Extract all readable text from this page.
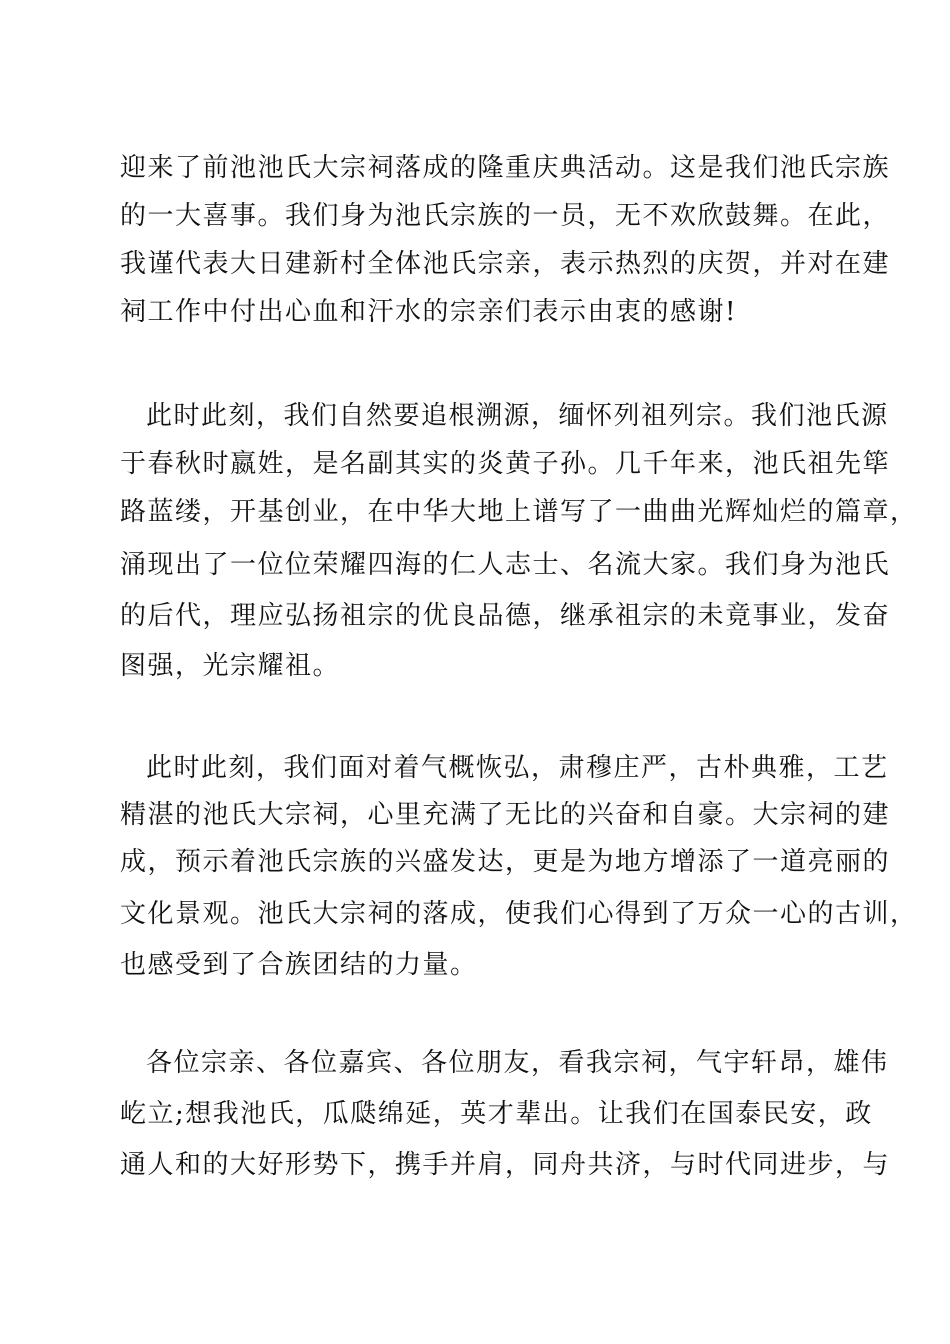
迎来了前池池氏大宗祠落成的隆重庆典活动。这是我们池氏宗族
的一大喜事。我们身为池氏宗族的一员，无不欢欣鼓舞。在此，
我谨代表大日建新村全体池氏宗亲，表示热烈的庆贺，并对在建
祠工作中付出心血和汗水的宗亲们表示由衷的感谢!
此时此刻，我们自然要追根溯源，缅怀列祖列宗。我们池氏源
于春秋时嬴姓，是名副其实的炎黄子孙。几千年来，池氏祖先筚
路蓝缕，开基创业，在中华大地上谱写了一曲曲光辉灿烂的篇章，
涌现出了一位位荣耀四海的仁人志士、名流大家。我们身为池氏
的后代，理应弘扬祖宗的优良品德，继承祖宗的未竟事业，发奋
图强，光宗耀祖。
此时此刻，我们面对着气概恢弘，肃穆庄严，古朴典雅，工艺
精湛的池氏大宗祠，心里充满了无比的兴奋和自豪。大宗祠的建
成，预示着池氏宗族的兴盛发达，更是为地方增添了一道亮丽的
文化景观。池氏大宗祠的落成，使我们心得到了万众一心的古训，
也感受到了合族团结的力量。
各位宗亲、各位嘉宾、各位朋友，看我宗祠，气宇轩昂，雄伟
屹立;想我池氏，瓜瓞绵延，英才辈出。让我们在国泰民安，政
通人和的大好形势下，携手并肩，同舟共济，与时代同进步，与
